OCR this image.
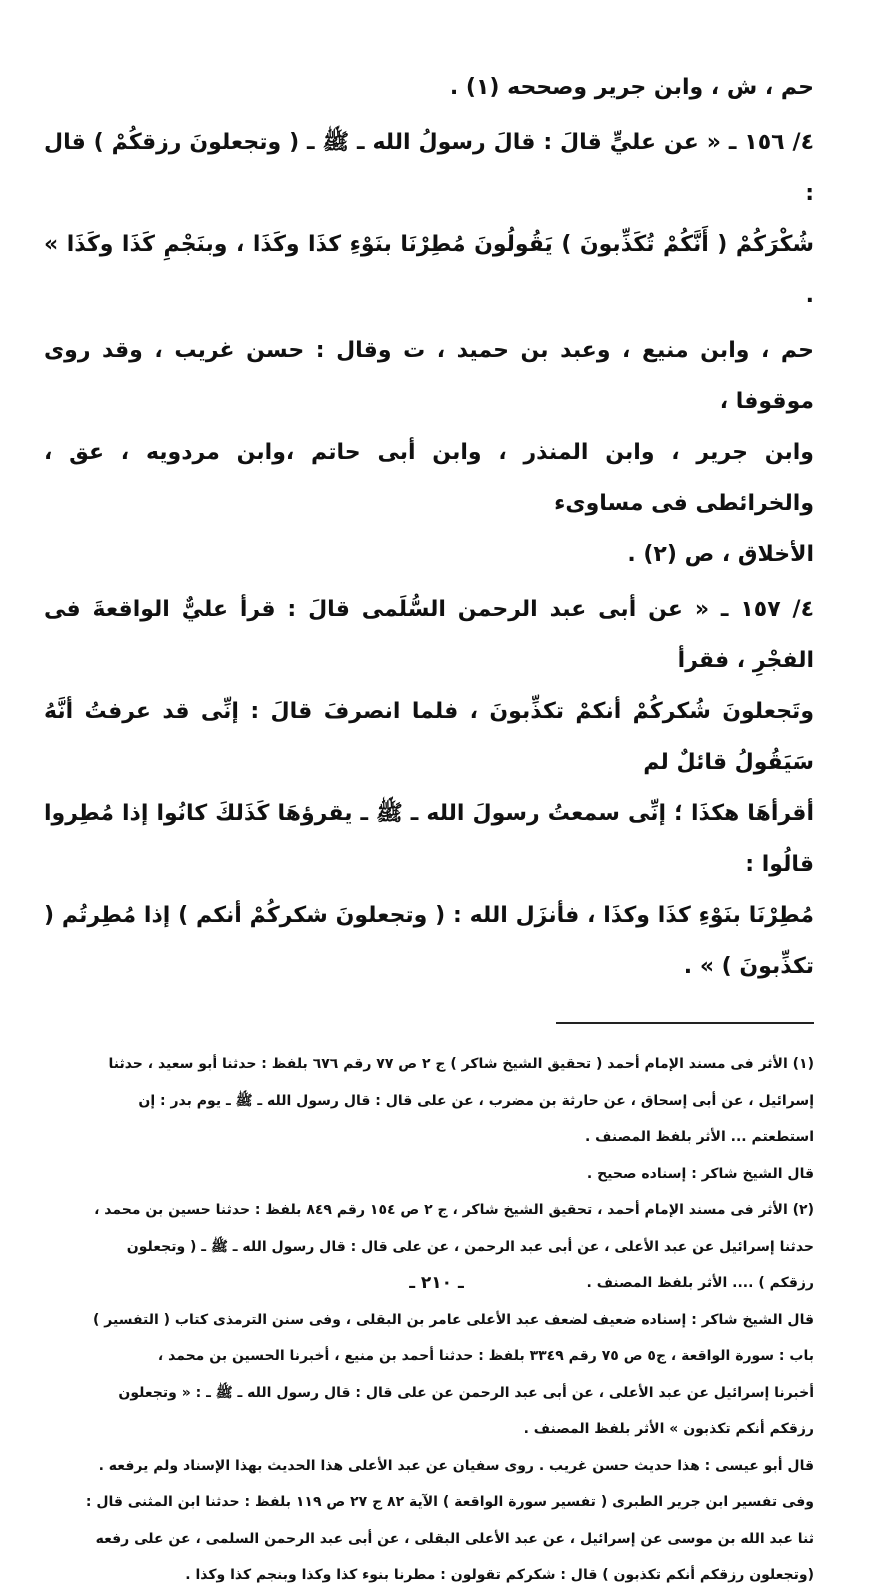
حم ، ش ، وابن جرير وصححه (١) .

٤/ ١٥٦ ـ « عن عليٍّ قالَ : قالَ رسولُ الله ـ ﷺ ـ ( وتجعلونَ رزقكُمْ ) قال :

شُكْرَكُمْ ( أَنَّكُمْ تُكَذِّبونَ ) يَقُولُونَ مُطِرْنَا بنَوْءِ كذَا وكَذَا ، وبنَجْمِ كَذَا وكَذَا » .

حم ، وابن منيع ، وعبد بن حميد ، ت وقال : حسن غريب ، وقد روى موقوفا ،

وابن جرير ، وابن المنذر ، وابن أبى حاتم ،وابن مردويه ، عق ، والخرائطى فى مساوىء

الأخلاق ، ص (٢) .

٤/ ١٥٧ ـ « عن أبى عبد الرحمن السُّلَمى قالَ : قرأ عليٌّ الواقعةَ فى الفجْرِ ، فقرأ

وتَجعلونَ شُكركُمْ أنكمْ تكذِّبونَ ، فلما انصرفَ قالَ : إنِّى قد عرفتُ أنَّهُ سَيَقُولُ قائلٌ لم

أقرأهَا هكذَا ؛ إنِّى سمعتُ رسولَ الله ـ ﷺ ـ يقرؤهَا كَذَلكَ كانُوا إذا مُطِروا قالُوا :

مُطِرْنَا بنَوْءِ كذَا وكذَا ، فأنزَل الله : ( وتجعلونَ شكركُمْ أنكم ) إذا مُطِرتُم ( تكذِّبونَ ) » .

(١) الأثر فى مسند الإمام أحمد ( تحقيق الشيخ شاكر ) ج ٢ ص ٧٧ رقم ٦٧٦ بلفظ : حدثنا أبو سعيد ، حدثنا

إسرائيل ، عن أبى إسحاق ، عن حارثة بن مضرب ، عن على قال : قال رسول الله ـ ﷺ ـ يوم بدر : إن

استطعتم ... الأثر بلفظ المصنف .

قال الشيخ شاكر : إسناده صحيح .

(٢) الأثر فى مسند الإمام أحمد ، تحقيق الشيخ شاكر ، ج ٢ ص ١٥٤ رقم ٨٤٩ بلفظ : حدثنا حسين بن محمد ،

حدثنا إسرائيل عن عبد الأعلى ، عن أبى عبد الرحمن ، عن على قال : قال رسول الله ـ ﷺ ـ ( وتجعلون

رزقكم ) .... الأثر بلفظ المصنف .

قال الشيخ شاكر : إسناده ضعيف لضعف عبد الأعلى عامر بن البقلى ، وفى سنن الترمذى كتاب ( التفسير )

باب : سورة الواقعة ، ج٥ ص ٧٥ رقم ٣٣٤٩ بلفظ : حدثنا أحمد بن منيع ، أخبرنا الحسين بن محمد ،

أخبرنا إسرائيل عن عبد الأعلى ، عن أبى عبد الرحمن عن على قال : قال رسول الله ـ ﷺ ـ : « وتجعلون

رزقكم أنكم تكذبون » الأثر بلفظ المصنف .

قال أبو عيسى : هذا حديث حسن غريب . روى سفيان عن عبد الأعلى هذا الحديث بهذا الإسناد ولم يرفعه .

وفى تفسير ابن جرير الطبرى ( تفسير سورة الواقعة ) الآية ٨٢ ج ٢٧ ص ١١٩ بلفظ : حدثنا ابن المثنى قال :

ثنا عبد الله بن موسى عن إسرائيل ، عن عبد الأعلى البقلى ، عن أبى عبد الرحمن السلمى ، عن على رفعه

(وتجعلون رزقكم أنكم تكذبون ) قال : شكركم تقولون : مطرنا بنوء كذا وكذا وبنجم كذا وكذا .

ـ ٢١٠ ـ
